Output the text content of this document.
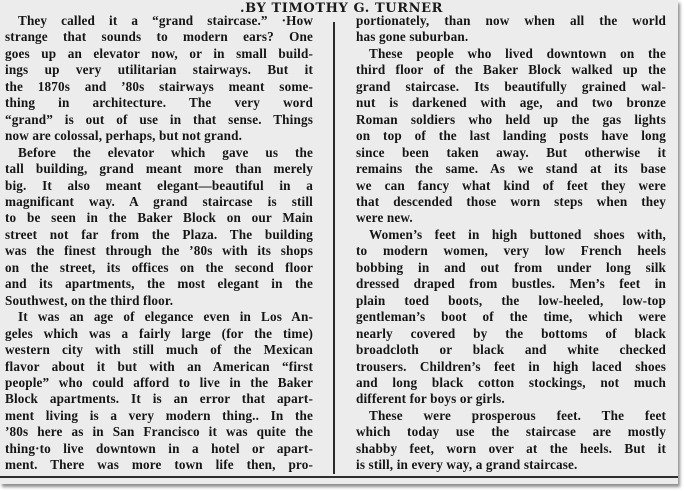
.BY TIMOTHY G. TURNER
They called it a “grand staircase.” ·How
strange that sounds to modern ears? One
goes up an elevator now, or in small build-
ings up very utilitarian stairways. But it
the 1870s and ’80s stairways meant some-
thing in architecture. The very word
“grand” is out of use in that sense. Things
now are colossal, perhaps, but not grand.
Before the elevator which gave us the
tall building, grand meant more than merely
big. It also meant elegant—beautiful in a
magnificant way. A grand staircase is still
to be seen in the Baker Block on our Main
street not far from the Plaza. The building
was the finest through the ’80s with its shops
on the street, its offices on the second floor
and its apartments, the most elegant in the
Southwest, on the third floor.
It was an age of elegance even in Los An-
geles which was a fairly large (for the time)
western city with still much of the Mexican
flavor about it but with an American “first
people” who could afford to live in the Baker
Block apartments. It is an error that apart-
ment living is a very modern thing.. In the
’80s here as in San Francisco it was quite the
thing·to live downtown in a hotel or apart-
ment. There was more town life then, pro-
portionately, than now when all the world
has gone suburban.
These people who lived downtown on the
third floor of the Baker Block walked up the
grand staircase. Its beautifully grained wal-
nut is darkened with age, and two bronze
Roman soldiers who held up the gas lights
on top of the last landing posts have long
since been taken away. But otherwise it
remains the same. As we stand at its base
we can fancy what kind of feet they were
that descended those worn steps when they
were new.
Women’s feet in high buttoned shoes with,
to modern women, very low French heels
bobbing in and out from under long silk
dressed draped from bustles. Men’s feet in
plain toed boots, the low-heeled, low-top
gentleman’s boot of the time, which were
nearly covered by the bottoms of black
broadcloth or black and white checked
trousers. Children’s feet in high laced shoes
and long black cotton stockings, not much
different for boys or girls.
These were prosperous feet. The feet
which today use the staircase are mostly
shabby feet, worn over at the heels. But it
is still, in every way, a grand staircase.
